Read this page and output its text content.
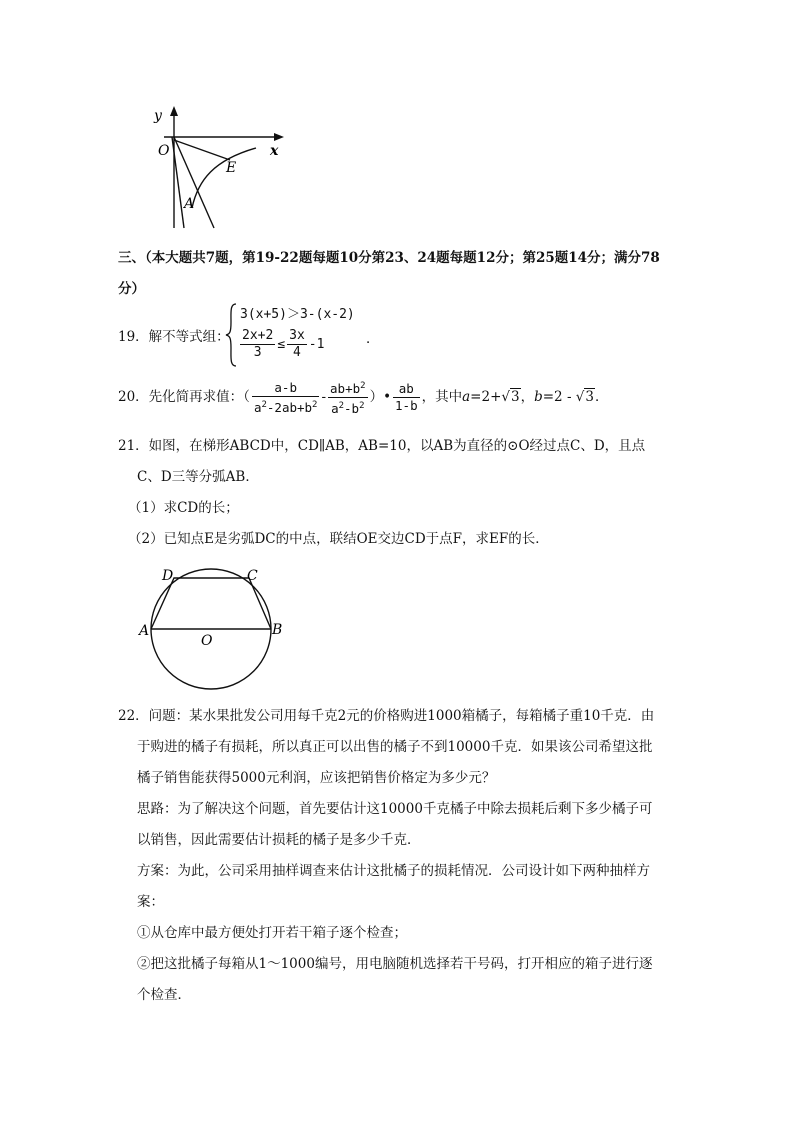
y
x
O
E
A
三、（本大题共7题，第19-22题每题10分第23、24题每题12分；第25题14分；满分78
分）
19．解不等式组：
3(x+5)＞3-(x-2)
$\frac{2x+2}{3} \le \frac{3x}{4} -1$	．
20．先化简再求值：（ $\frac{a-b}{a^2-2ab+b^2} - \frac{ab+b^2}{a^2-b^2}$ ）• $\frac{ab}{1-b}$ ，其中a=2+√3，b=2 - √3．
21．如图，在梯形ABCD中，CD∥AB，AB=10，以AB为直径的⊙O经过点C、D，且点
C、D三等分弧AB．
（1）求CD的长；
（2）已知点E是劣弧DC的中点，联结OE交边CD于点F，求EF的长．
D	C
A	B
O
22．问题：某水果批发公司用每千克2元的价格购进1000箱橘子，每箱橘子重10千克．由
于购进的橘子有损耗，所以真正可以出售的橘子不到10000千克．如果该公司希望这批
橘子销售能获得5000元利润，应该把销售价格定为多少元？
思路：为了解决这个问题，首先要估计这10000千克橘子中除去损耗后剩下多少橘子可
以销售，因此需要估计损耗的橘子是多少千克．
方案：为此，公司采用抽样调查来估计这批橘子的损耗情况．公司设计如下两种抽样方
案：
①从仓库中最方便处打开若干箱子逐个检查；
②把这批橘子每箱从1～1000编号，用电脑随机选择若干号码，打开相应的箱子进行逐
个检查．
